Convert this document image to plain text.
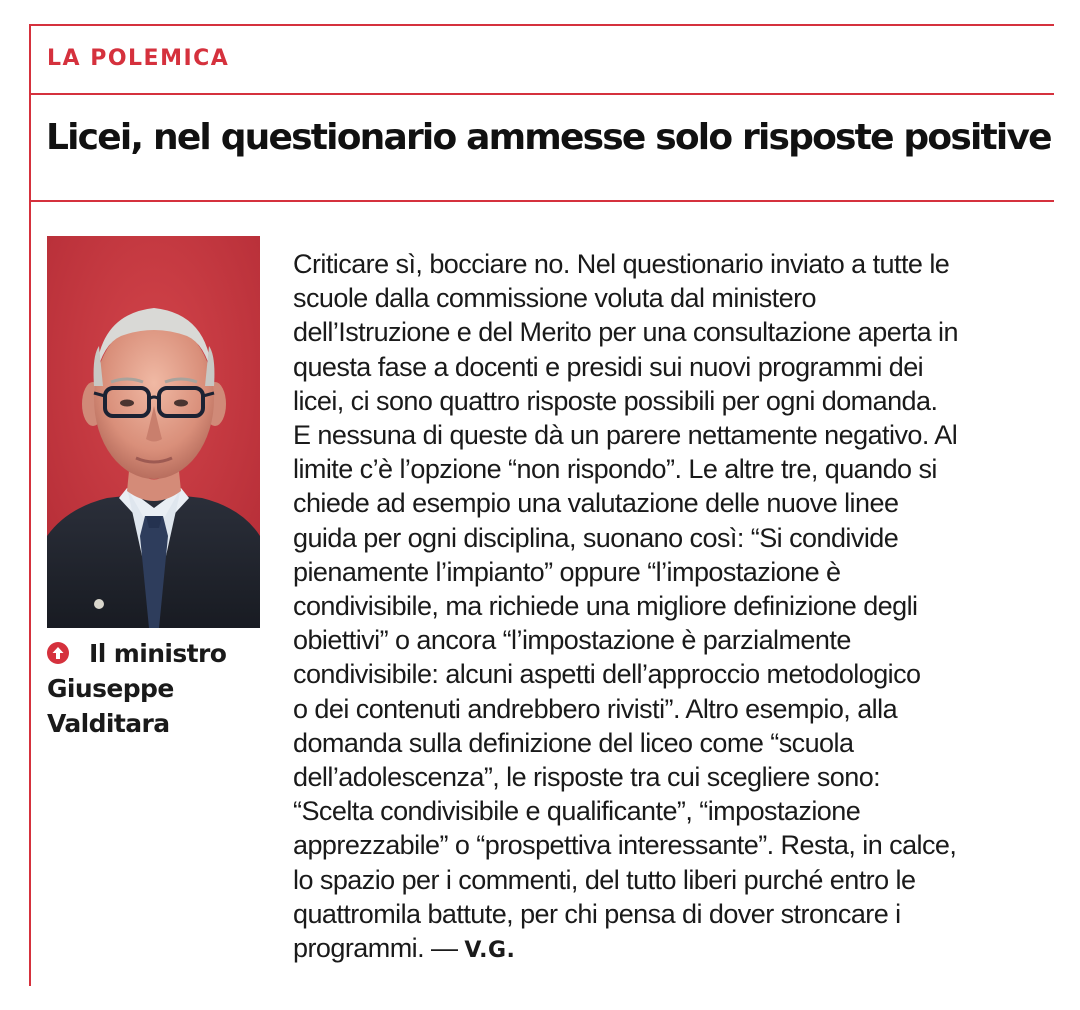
LA POLEMICA
Licei, nel questionario ammesse solo risposte positive
Il ministro
Giuseppe
Valditara
Criticare sì, bocciare no. Nel questionario inviato a tutte le
scuole dalla commissione voluta dal ministero
dell’Istruzione e del Merito per una consultazione aperta in
questa fase a docenti e presidi sui nuovi programmi dei
licei, ci sono quattro risposte possibili per ogni domanda.
E nessuna di queste dà un parere nettamente negativo. Al
limite c’è l’opzione “non rispondo”. Le altre tre, quando si
chiede ad esempio una valutazione delle nuove linee
guida per ogni disciplina, suonano così: “Si condivide
pienamente l’impianto” oppure “l’impostazione è
condivisibile, ma richiede una migliore definizione degli
obiettivi” o ancora “l’impostazione è parzialmente
condivisibile: alcuni aspetti dell’approccio metodologico
o dei contenuti andrebbero rivisti”. Altro esempio, alla
domanda sulla definizione del liceo come “scuola
dell’adolescenza”, le risposte tra cui scegliere sono:
“Scelta condivisibile e qualificante”, “impostazione
apprezzabile” o “prospettiva interessante”. Resta, in calce,
lo spazio per i commenti, del tutto liberi purché entro le
quattromila battute, per chi pensa di dover stroncare i
programmi. — V.G.
